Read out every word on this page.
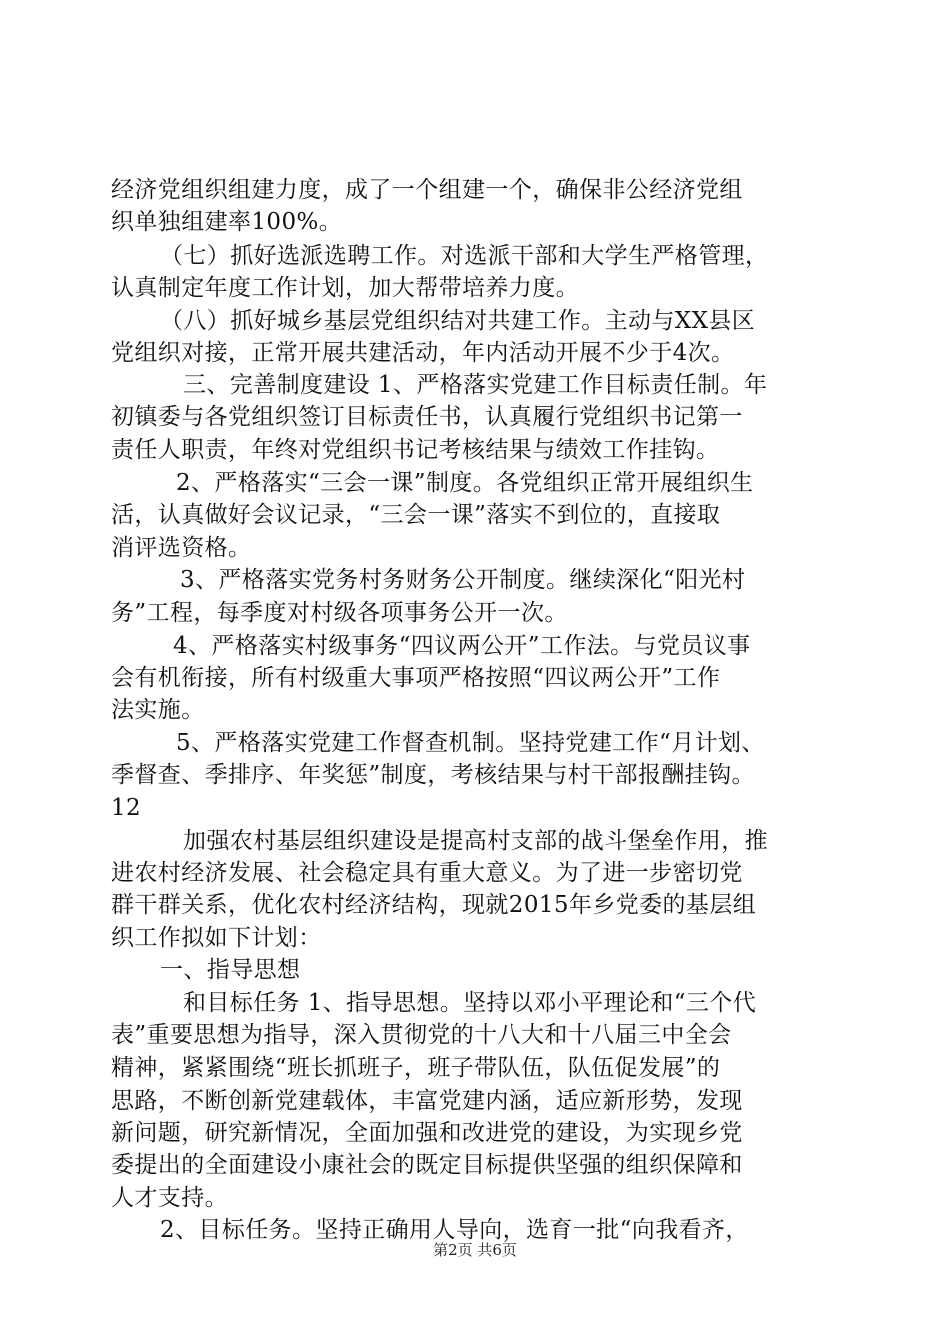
经济党组织组建力度，成了一个组建一个，确保非公经济党组
织单独组建率100%。
（七）抓好选派选聘工作。对选派干部和大学生严格管理，
认真制定年度工作计划，加大帮带培养力度。
（八）抓好城乡基层党组织结对共建工作。主动与XX县区
党组织对接，正常开展共建活动，年内活动开展不少于4次。
三、完善制度建设 1、严格落实党建工作目标责任制。年
初镇委与各党组织签订目标责任书，认真履行党组织书记第一
责任人职责，年终对党组织书记考核结果与绩效工作挂钩。
2、严格落实“三会一课”制度。各党组织正常开展组织生
活，认真做好会议记录，“三会一课”落实不到位的，直接取
消评选资格。
3、严格落实党务村务财务公开制度。继续深化“阳光村
务”工程，每季度对村级各项事务公开一次。
4、严格落实村级事务“四议两公开”工作法。与党员议事
会有机衔接，所有村级重大事项严格按照“四议两公开”工作
法实施。
5、严格落实党建工作督查机制。坚持党建工作“月计划、
季督查、季排序、年奖惩”制度，考核结果与村干部报酬挂钩。
12
加强农村基层组织建设是提高村支部的战斗堡垒作用，推
进农村经济发展、社会稳定具有重大意义。为了进一步密切党
群干群关系，优化农村经济结构，现就2015年乡党委的基层组
织工作拟如下计划：
一、指导思想
和目标任务 1、指导思想。坚持以邓小平理论和“三个代
表”重要思想为指导，深入贯彻党的十八大和十八届三中全会
精神，紧紧围绕“班长抓班子，班子带队伍，队伍促发展”的
思路，不断创新党建载体，丰富党建内涵，适应新形势，发现
新问题，研究新情况，全面加强和改进党的建设，为实现乡党
委提出的全面建设小康社会的既定目标提供坚强的组织保障和
人才支持。
2、目标任务。坚持正确用人导向，选育一批“向我看齐，
第2页 共6页
